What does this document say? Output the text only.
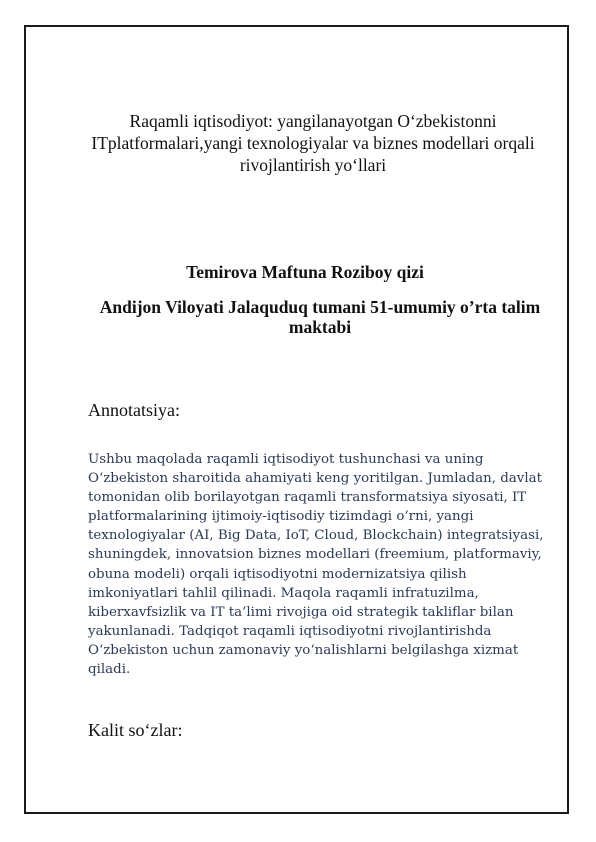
Raqamli iqtisodiyot: yangilanayotgan O‘zbekistonni
ITplatformalari,yangi texnologiyalar va biznes modellari orqali
rivojlantirish yo‘llari

Temirova Maftuna Roziboy qizi

Andijon Viloyati Jalaquduq tumani 51-umumiy o’rta talim
maktabi

Annotatsiya:

Ushbu maqolada raqamli iqtisodiyot tushunchasi va uning
O‘zbekiston sharoitida ahamiyati keng yoritilgan. Jumladan, davlat
tomonidan olib borilayotgan raqamli transformatsiya siyosati, IT
platformalarining ijtimoiy-iqtisodiy tizimdagi o‘rni, yangi
texnologiyalar (AI, Big Data, IoT, Cloud, Blockchain) integratsiyasi,
shuningdek, innovatsion biznes modellari (freemium, platformaviy,
obuna modeli) orqali iqtisodiyotni modernizatsiya qilish
imkoniyatlari tahlil qilinadi. Maqola raqamli infratuzilma,
kiberxavfsizlik va IT ta’limi rivojiga oid strategik takliflar bilan
yakunlanadi. Tadqiqot raqamli iqtisodiyotni rivojlantirishda
O‘zbekiston uchun zamonaviy yo‘nalishlarni belgilashga xizmat
qiladi.

Kalit so‘zlar:
